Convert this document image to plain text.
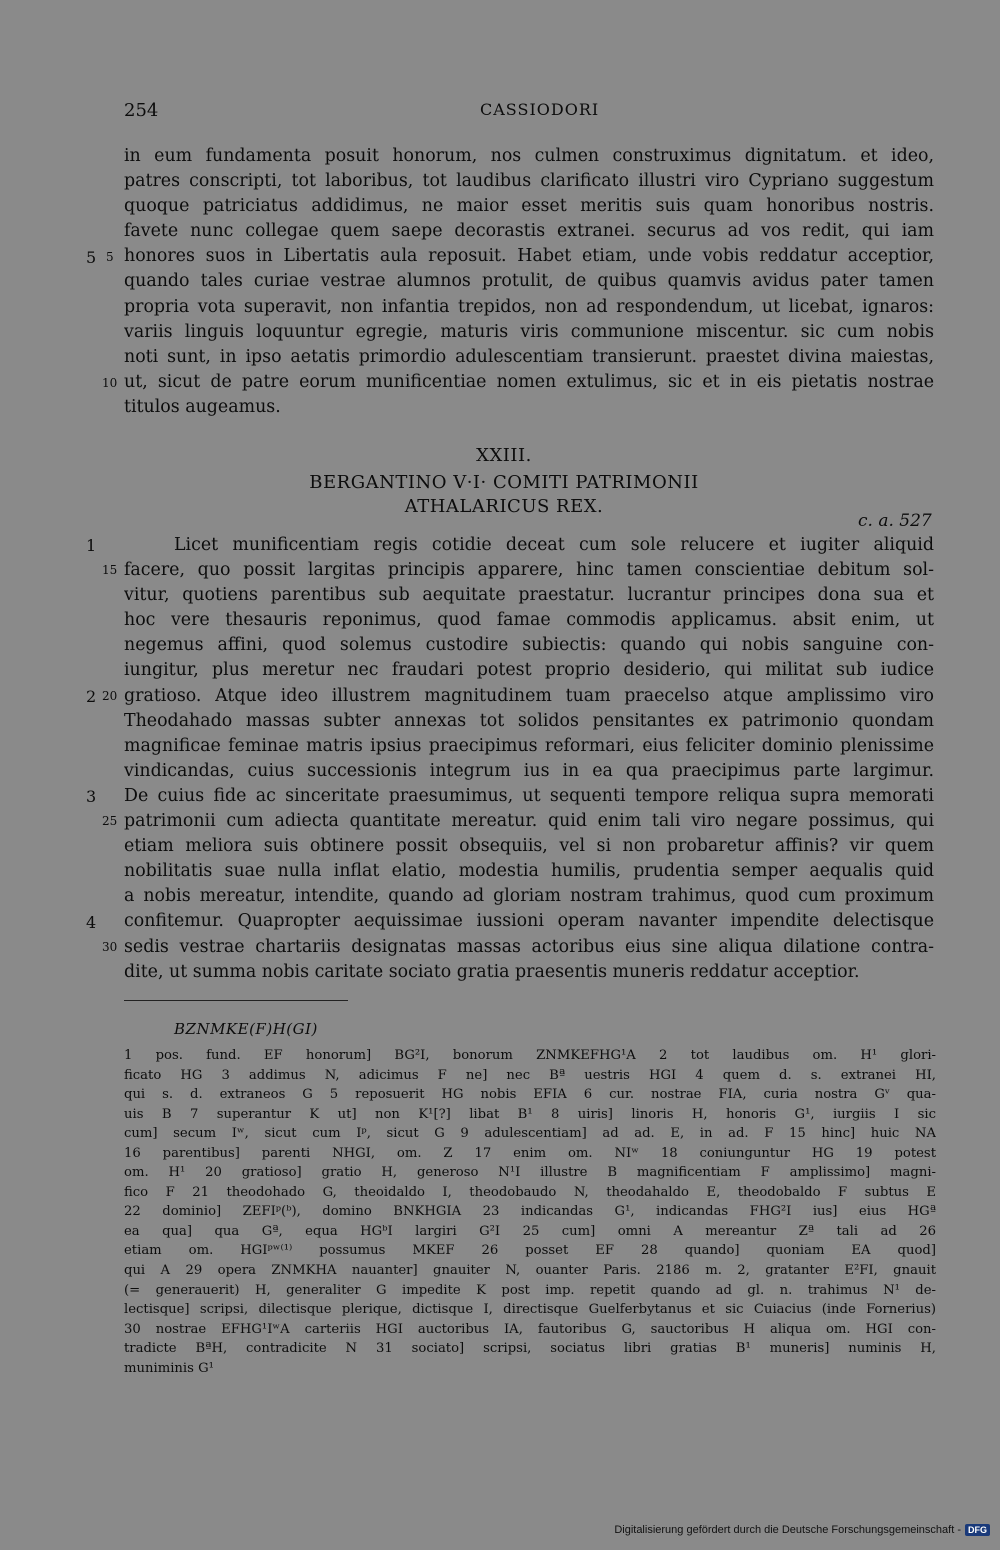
254	CASSIODORI
in eum fundamenta posuit honorum, nos culmen construximus dignitatum. et ideo,
patres conscripti, tot laboribus, tot laudibus clarificato illustri viro Cypriano suggestum
quoque patriciatus addidimus, ne maior esset meritis suis quam honoribus nostris.
favete nunc collegae quem saepe decorastis extranei. securus ad vos redit, qui iam
honores suos in Libertatis aula reposuit. Habet etiam, unde vobis reddatur acceptior,
quando tales curiae vestrae alumnos protulit, de quibus quamvis avidus pater tamen
propria vota superavit, non infantia trepidos, non ad respondendum, ut licebat, ignaros:
variis linguis loquuntur egregie, maturis viris communione miscentur. sic cum nobis
noti sunt, in ipso aetatis primordio adulescentiam transierunt. praestet divina maiestas,
ut, sicut de patre eorum munificentiae nomen extulimus, sic et in eis pietatis nostrae
titulos augeamus.
5 5
10
XXIII.
BERGANTINO V·I· COMITI PATRIMONII
ATHALARICUS REX.
c. a. 527
Licet munificentiam regis cotidie deceat cum sole relucere et iugiter aliquid
facere, quo possit largitas principis apparere, hinc tamen conscientiae debitum sol-
vitur, quotiens parentibus sub aequitate praestatur. lucrantur principes dona sua et
hoc vere thesauris reponimus, quod famae commodis applicamus. absit enim, ut
negemus affini, quod solemus custodire subiectis: quando qui nobis sanguine con-
iungitur, plus meretur nec fraudari potest proprio desiderio, qui militat sub iudice
gratioso. Atque ideo illustrem magnitudinem tuam praecelso atque amplissimo viro
Theodahado massas subter annexas tot solidos pensitantes ex patrimonio quondam
magnificae feminae matris ipsius praecipimus reformari, eius feliciter dominio plenissime
vindicandas, cuius successionis integrum ius in ea qua praecipimus parte largimur.
De cuius fide ac sinceritate praesumimus, ut sequenti tempore reliqua supra memorati
patrimonii cum adiecta quantitate mereatur. quid enim tali viro negare possimus, qui
etiam meliora suis obtinere possit obsequiis, vel si non probaretur affinis? vir quem
nobilitatis suae nulla inflat elatio, modestia humilis, prudentia semper aequalis quid
a nobis mereatur, intendite, quando ad gloriam nostram trahimus, quod cum proximum
confitemur. Quapropter aequissimae iussioni operam navanter impendite delectisque
sedis vestrae chartariis designatas massas actoribus eius sine aliqua dilatione contra-
dite, ut summa nobis caritate sociato gratia praesentis muneris reddatur acceptior.
1
15
2 20
3
25
4
30
BZNMKE(F)H(GI)
1 pos. fund. EF honorum] BG²I, bonorum ZNMKEFHG¹A 2 tot laudibus om. H¹ glori-
ficato HG 3 addimus N, adicimus F ne] nec Bª uestris HGI 4 quem d. s. extranei HI,
qui s. d. extraneos G 5 reposuerit HG nobis EFIA 6 cur. nostrae FIA, curia nostra Gᵛ qua-
uis B 7 superantur K ut] non K¹[?] libat B¹ 8 uiris] linoris H, honoris G¹, iurgiis I sic
cum] secum Iʷ, sicut cum Iᵖ, sicut G 9 adulescentiam] ad ad. E, in ad. F 15 hinc] huic NA
16 parentibus] parenti NHGI, om. Z 17 enim om. NIʷ 18 coniunguntur HG 19 potest
om. H¹ 20 gratioso] gratio H, generoso N¹I illustre B magnificentiam F amplissimo] magni-
fico F 21 theodohado G, theoidaldo I, theodobaudo N, theodahaldo E, theodobaldo F subtus E
22 dominio] ZEFIᵖ(ᵇ), domino BNKHGIA 23 indicandas G¹, indicandas FHG²I ius] eius HGª
ea qua] qua Gª, equa HGᵇI largiri G²I 25 cum] omni A mereantur Zª tali ad 26
etiam om. HGIᵖʷ⁽¹⁾ possumus MKEF 26 posset EF 28 quando] quoniam EA quod]
qui A 29 opera ZNMKHA nauanter] gnauiter N, ouanter Paris. 2186 m. 2, gratanter E²FI, gnauit
(= generauerit) H, generaliter G impedite K post imp. repetit quando ad gl. n. trahimus N¹ de-
lectisque] scripsi, dilectisque plerique, dictisque I, directisque Guelferbytanus et sic Cuiacius (inde Fornerius)
30 nostrae EFHG¹IʷA carteriis HGI auctoribus IA, fautoribus G, sauctoribus H aliqua om. HGI con-
tradicte BªH, contradicite N 31 sociato] scripsi, sociatus libri gratias B¹ muneris] numinis H,
muniminis G¹
Digitalisierung gefördert durch die Deutsche Forschungsgemeinschaft - DFG
